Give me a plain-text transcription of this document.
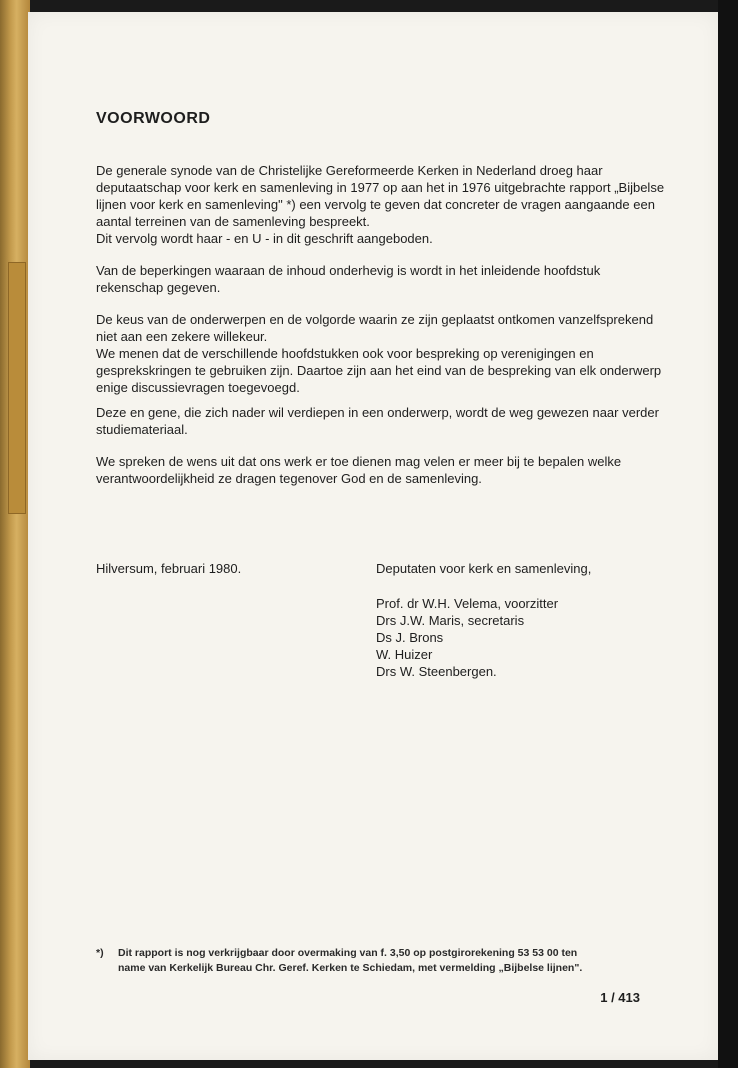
VOORWOORD

De generale synode van de Christelijke Gereformeerde Kerken in Nederland droeg haar deputaatschap voor kerk en samenleving in 1977 op aan het in 1976 uitgebrachte rapport „Bijbelse lijnen voor kerk en samenleving" *) een vervolg te geven dat concreter de vragen aangaande een aantal terreinen van de samenleving bespreekt.
Dit vervolg wordt haar - en U - in dit geschrift aangeboden.

Van de beperkingen waaraan de inhoud onderhevig is wordt in het inleidende hoofdstuk rekenschap gegeven.

De keus van de onderwerpen en de volgorde waarin ze zijn geplaatst ontkomen vanzelfsprekend niet aan een zekere willekeur.
We menen dat de verschillende hoofdstukken ook voor bespreking op verenigingen en gesprekskringen te gebruiken zijn. Daartoe zijn aan het eind van de bespreking van elk onderwerp enige discussievragen toegevoegd.

Deze en gene, die zich nader wil verdiepen in een onderwerp, wordt de weg gewezen naar verder studiemateriaal.

We spreken de wens uit dat ons werk er toe dienen mag velen er meer bij te bepalen welke verantwoordelijkheid ze dragen tegenover God en de samenleving.

Hilversum, februari 1980.	Deputaten voor kerk en samenleving,
Prof. dr W.H. Velema, voorzitter
Drs J.W. Maris, secretaris
Ds J. Brons
W. Huizer
Drs W. Steenbergen.
*) Dit rapport is nog verkrijgbaar door overmaking van f. 3,50 op postgirorekening 53 53 00 ten
name van Kerkelijk Bureau Chr. Geref. Kerken te Schiedam, met vermelding „Bijbelse lijnen".
1 / 413
